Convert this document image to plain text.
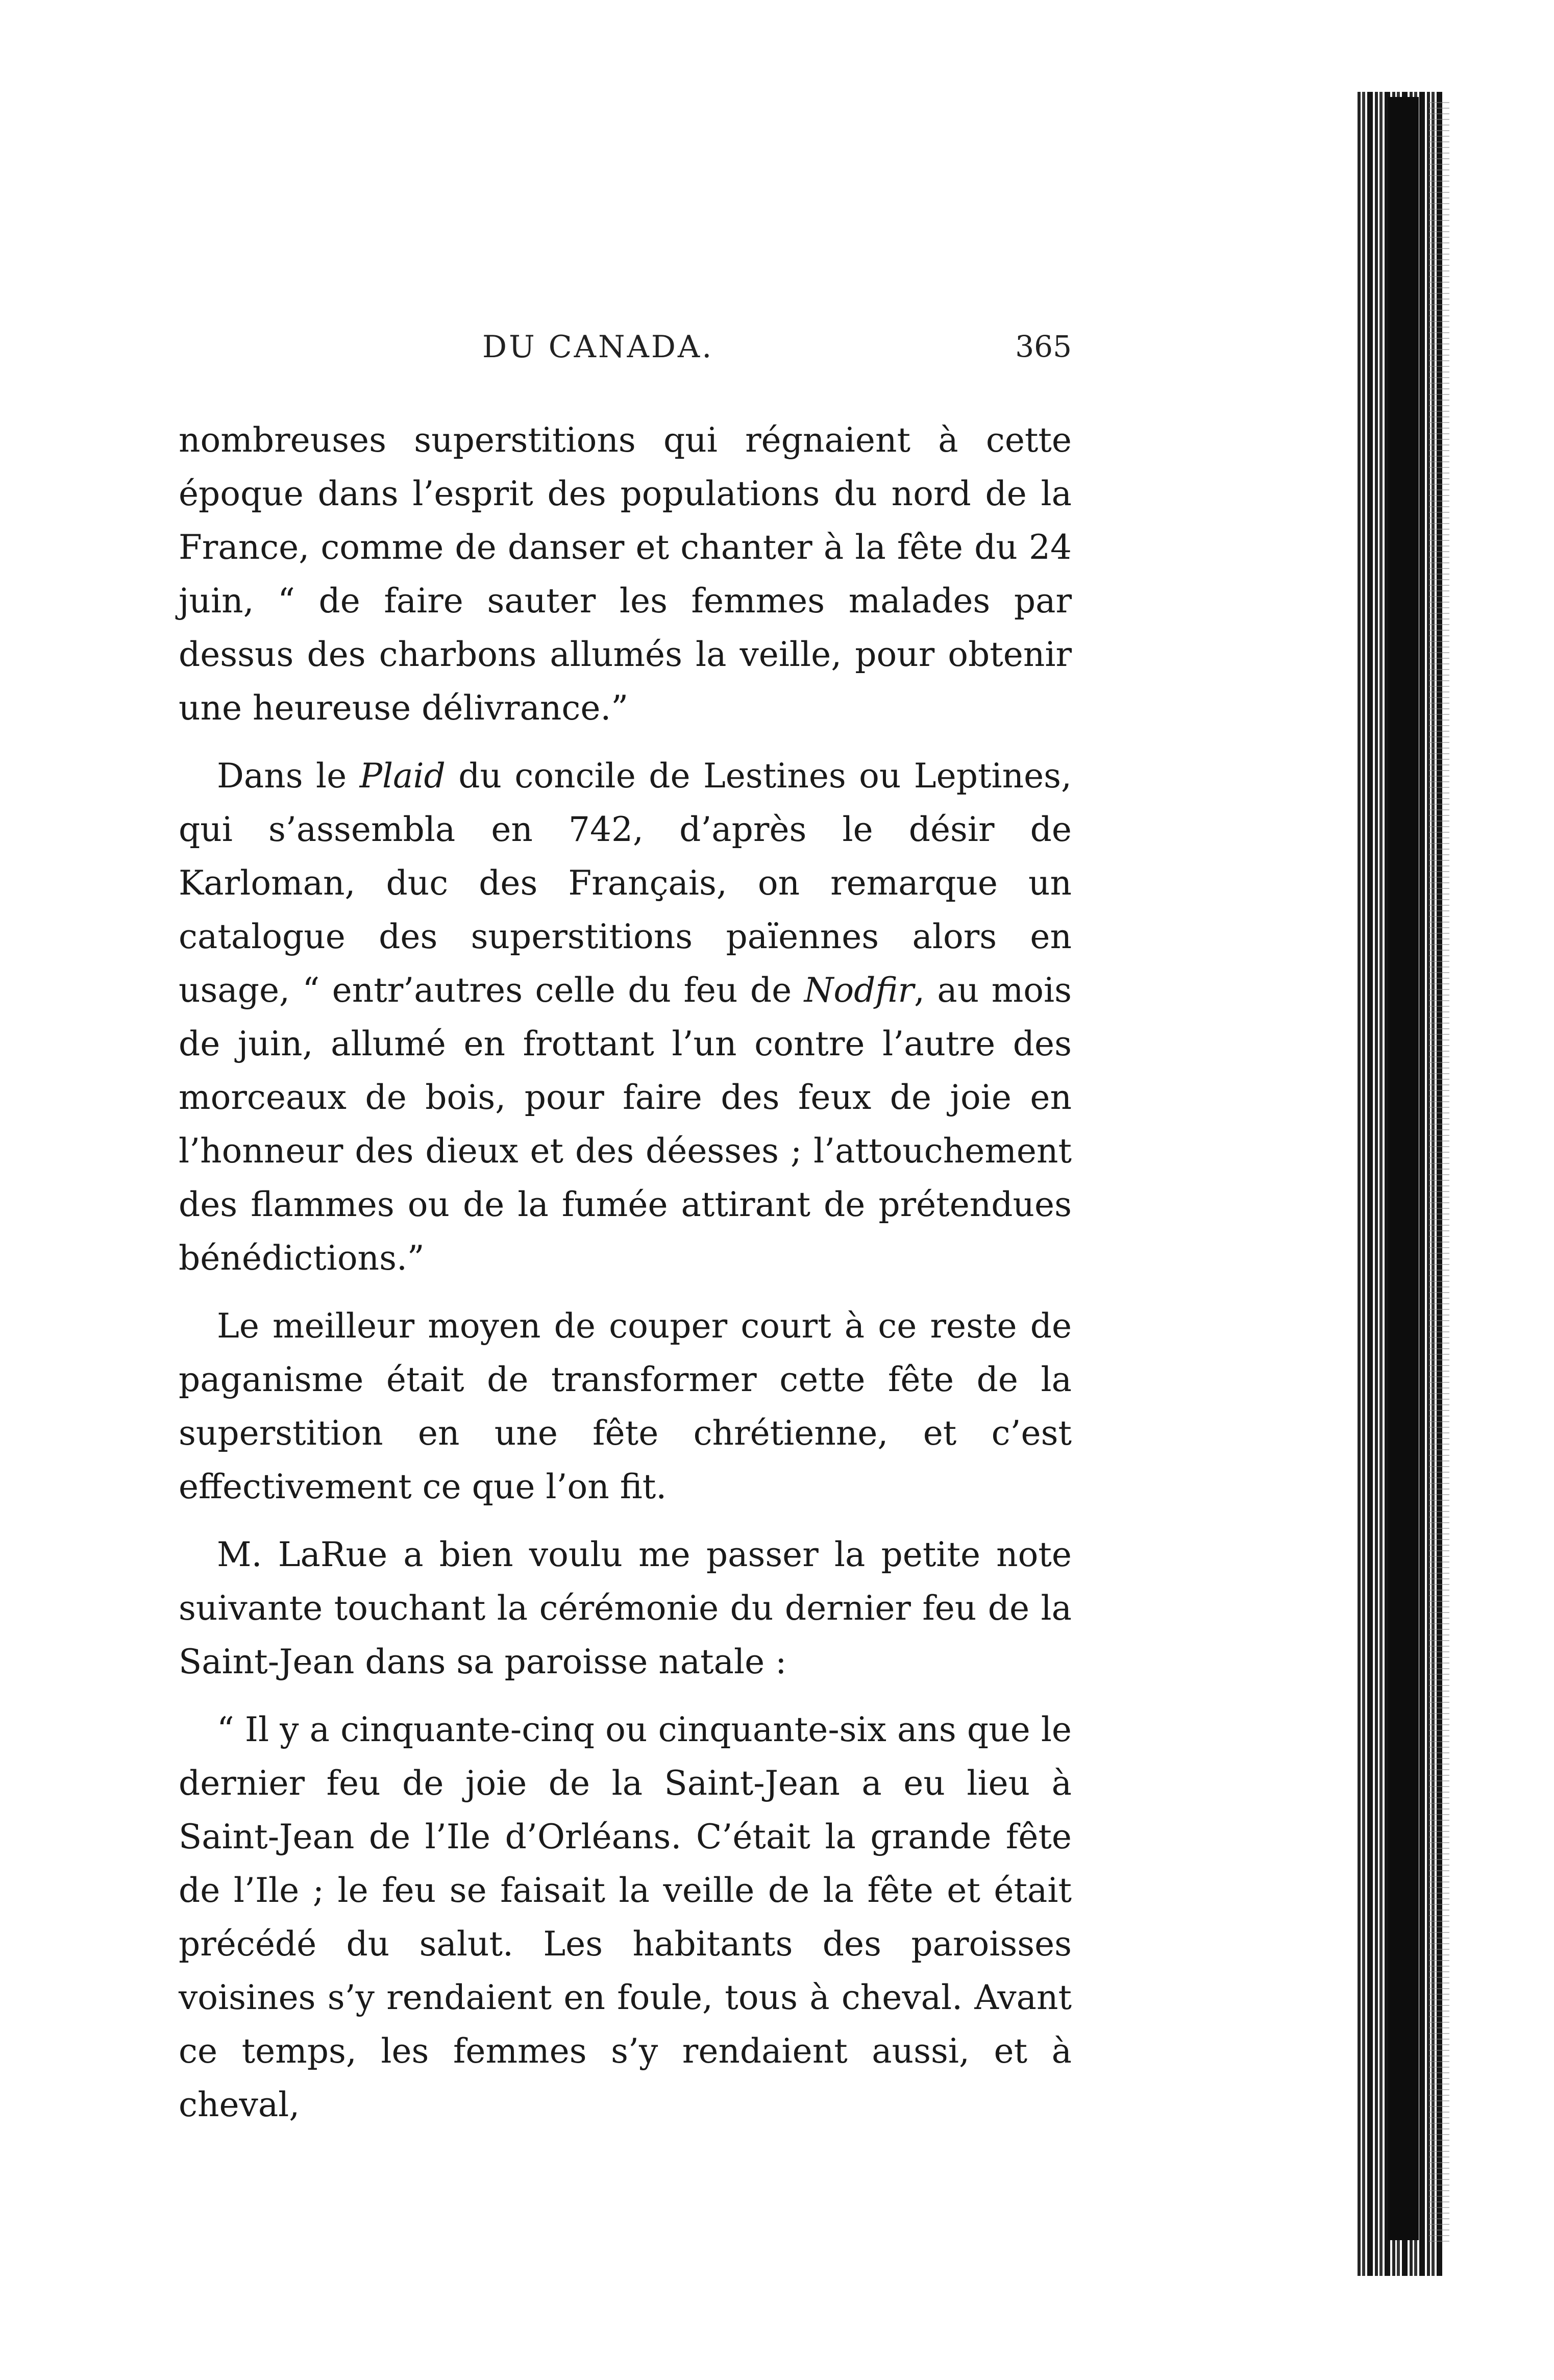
DU CANADA.	365

nombreuses superstitions qui régnaient à cette époque dans l’esprit des populations du nord de la France, comme de danser et chanter à la fête du 24 juin, “ de faire sauter les femmes malades par dessus des charbons allumés la veille, pour obtenir une heureuse délivrance.”

Dans le Plaid du concile de Lestines ou Leptines, qui s’assembla en 742, d’après le désir de Karloman, duc des Français, on remarque un catalogue des superstitions païennes alors en usage, “ entr’autres celle du feu de Nodfir, au mois de juin, allumé en frottant l’un contre l’autre des morceaux de bois, pour faire des feux de joie en l’honneur des dieux et des déesses ; l’attouchement des flammes ou de la fumée attirant de prétendues bénédictions.”

Le meilleur moyen de couper court à ce reste de paganisme était de transformer cette fête de la superstition en une fête chrétienne, et c’est effectivement ce que l’on fit.

M. LaRue a bien voulu me passer la petite note suivante touchant la cérémonie du dernier feu de la Saint-Jean dans sa paroisse natale :

“ Il y a cinquante-cinq ou cinquante-six ans que le dernier feu de joie de la Saint-Jean a eu lieu à Saint-Jean de l’Ile d’Orléans. C’était la grande fête de l’Ile ; le feu se faisait la veille de la fête et était précédé du salut. Les habitants des paroisses voisines s’y rendaient en foule, tous à cheval. Avant ce temps, les femmes s’y rendaient aussi, et à cheval,
